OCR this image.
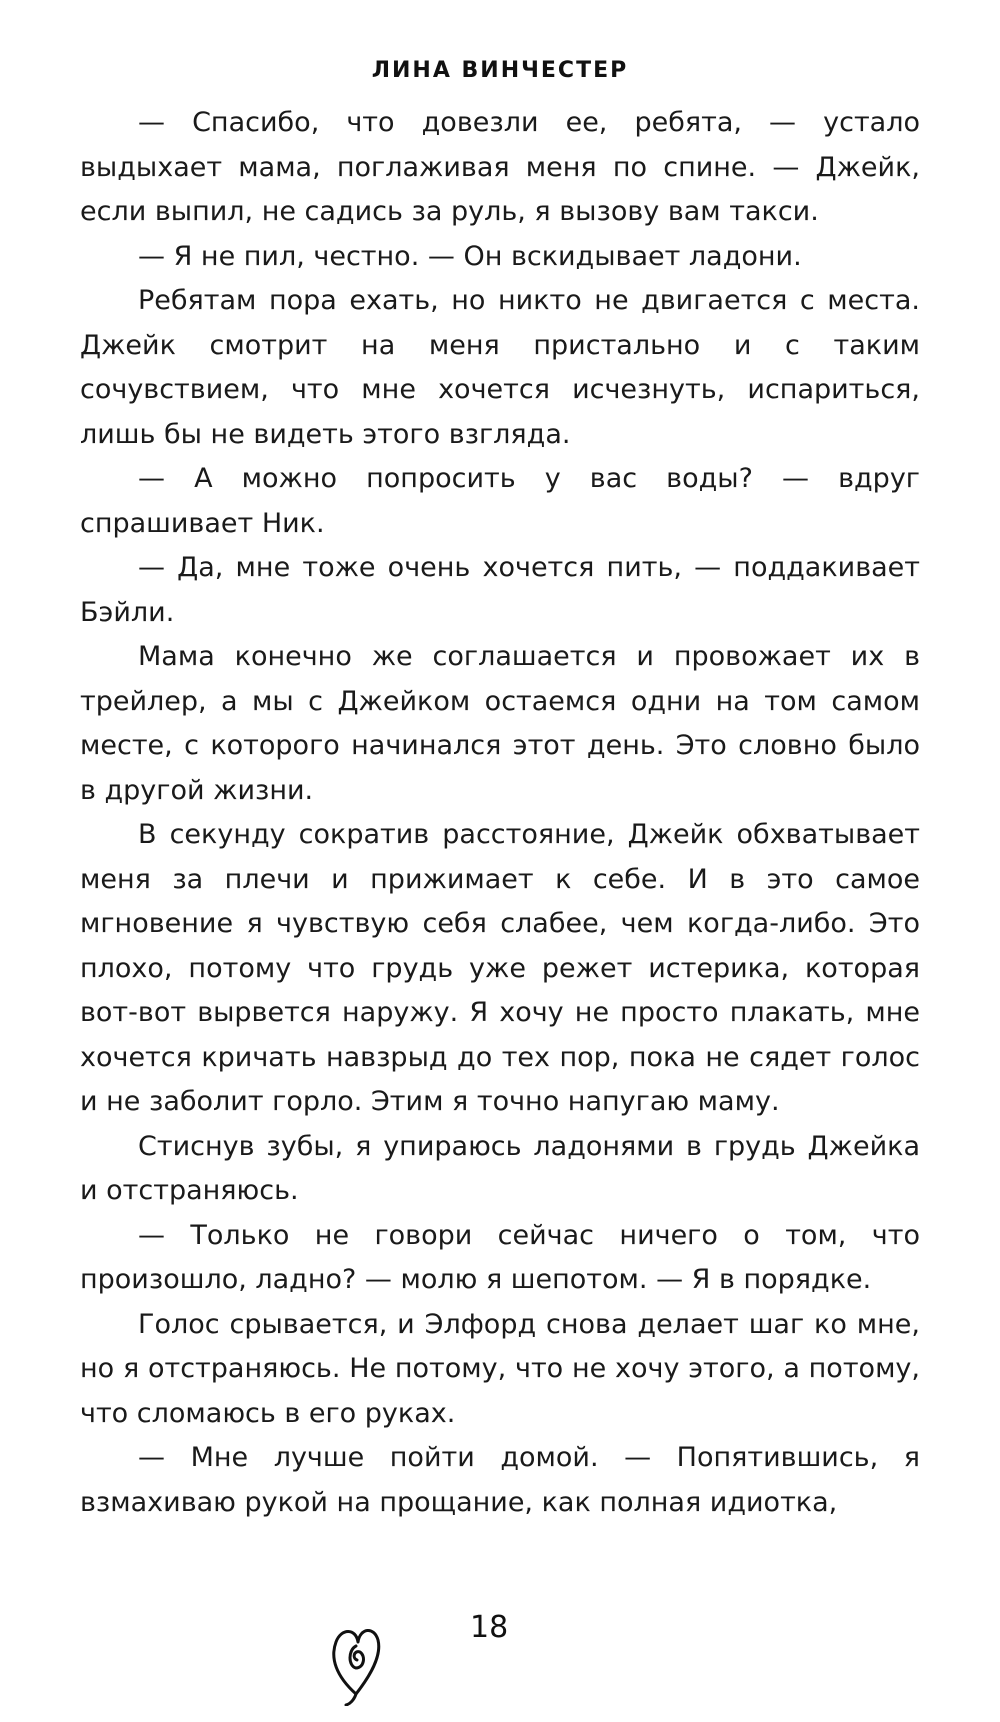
ЛИНА ВИНЧЕСТЕР

— Спасибо, что довезли ее, ребята, — устало выдыхает мама, поглаживая меня по спине. — Джейк, если выпил, не садись за руль, я вызову вам такси.

— Я не пил, честно. — Он вскидывает ладони.

Ребятам пора ехать, но никто не двигается с места. Джейк смотрит на меня пристально и с таким сочувствием, что мне хочется исчезнуть, испариться, лишь бы не видеть этого взгляда.

— А можно попросить у вас воды? — вдруг спрашивает Ник.

— Да, мне тоже очень хочется пить, — поддакивает Бэйли.

Мама конечно же соглашается и провожает их в трейлер, а мы с Джейком остаемся одни на том самом месте, с которого начинался этот день. Это словно было в другой жизни.

В секунду сократив расстояние, Джейк обхватывает меня за плечи и прижимает к себе. И в это самое мгновение я чувствую себя слабее, чем когда-либо. Это плохо, потому что грудь уже режет истерика, которая вот-вот вырвется наружу. Я хочу не просто плакать, мне хочется кричать навзрыд до тех пор, пока не сядет голос и не заболит горло. Этим я точно напугаю маму.

Стиснув зубы, я упираюсь ладонями в грудь Джейка и отстраняюсь.

— Только не говори сейчас ничего о том, что произошло, ладно? — молю я шепотом. — Я в порядке.

Голос срывается, и Элфорд снова делает шаг ко мне, но я отстраняюсь. Не потому, что не хочу этого, а потому, что сломаюсь в его руках.

— Мне лучше пойти домой. — Попятившись, я взмахиваю рукой на прощание, как полная идиотка,

18
